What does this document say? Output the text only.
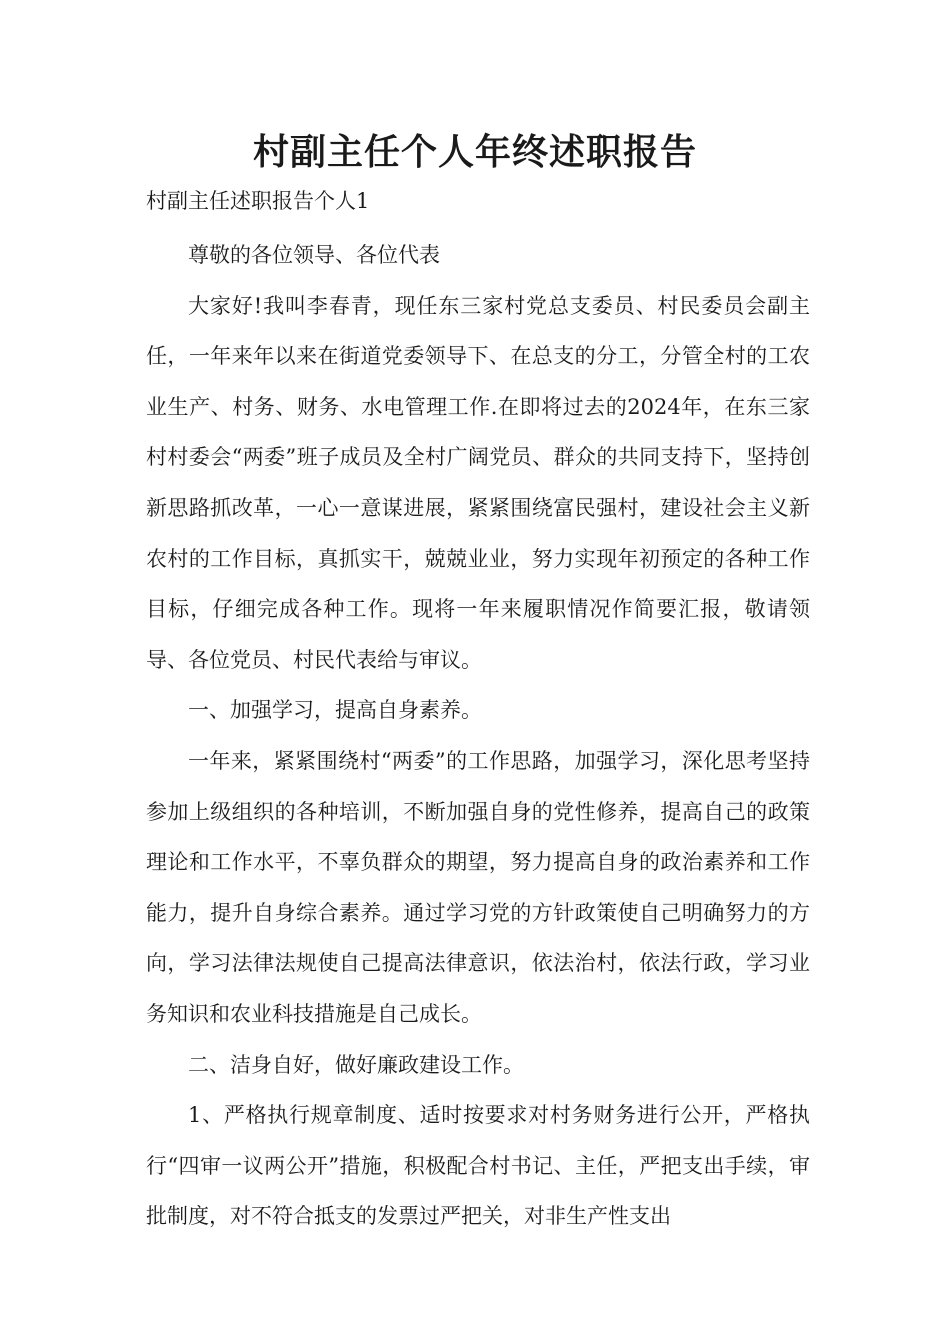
村副主任个人年终述职报告

村副主任述职报告个人1

尊敬的各位领导、各位代表

大家好!我叫李春青，现任东三家村党总支委员、村民委员会副主任，一年来年以来在街道党委领导下、在总支的分工，分管全村的工农业生产、村务、财务、水电管理工作.在即将过去的2024年，在东三家村村委会“两委”班子成员及全村广阔党员、群众的共同支持下，坚持创新思路抓改革，一心一意谋进展，紧紧围绕富民强村，建设社会主义新农村的工作目标，真抓实干，兢兢业业，努力实现年初预定的各种工作目标，仔细完成各种工作。现将一年来履职情况作简要汇报，敬请领导、各位党员、村民代表给与审议。

一、加强学习，提高自身素养。

一年来，紧紧围绕村“两委”的工作思路，加强学习，深化思考坚持参加上级组织的各种培训，不断加强自身的党性修养，提高自己的政策理论和工作水平，不辜负群众的期望，努力提高自身的政治素养和工作能力，提升自身综合素养。通过学习党的方针政策使自己明确努力的方向，学习法律法规使自己提高法律意识，依法治村，依法行政，学习业务知识和农业科技措施是自己成长。

二、洁身自好，做好廉政建设工作。

1、严格执行规章制度、适时按要求对村务财务进行公开，严格执行“四审一议两公开”措施，积极配合村书记、主任，严把支出手续，审批制度，对不符合抵支的发票过严把关，对非生产性支出
